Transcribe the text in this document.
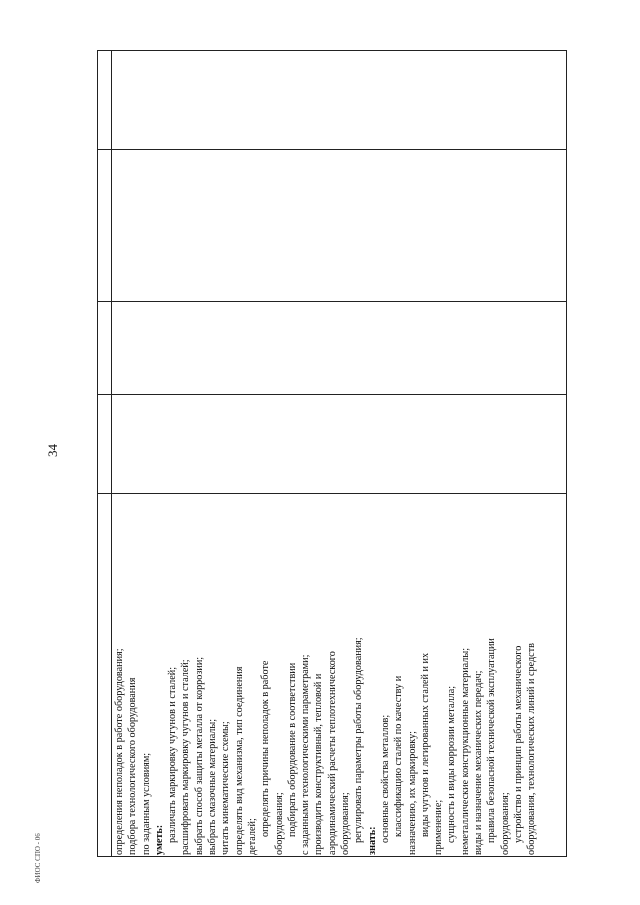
34
ФИОС СПО - 06
определения неполадок в работе оборудования; подбора технологического оборудования по заданным условиям; уметь: различать маркировку чугунов и сталей; расшифровать маркировку чугунов и сталей; выбрать способ защиты металла от коррозии; выбрать смазочные материалы; читать кинематические схемы; определять вид механизма, тип соединения деталей; определять причины неполадок в работе оборудования; подбирать оборудование в соответствии с заданными технологическими параметрами; производить конструктивный, тепловой и аэродинамический расчеты теплотехнического оборудования; регулировать параметры работы оборудования; знать: основные свойства металлов; классификацию сталей по качеству и назначению, их маркировку; виды чугунов и легированных сталей и их применение; сущность и виды коррозии металла; неметаллические конструкционные материалы; виды и назначение механических передач; правила безопасной технической эксплуатации оборудования; устройство и принцип работы механического оборудования, технологических линий и средств
